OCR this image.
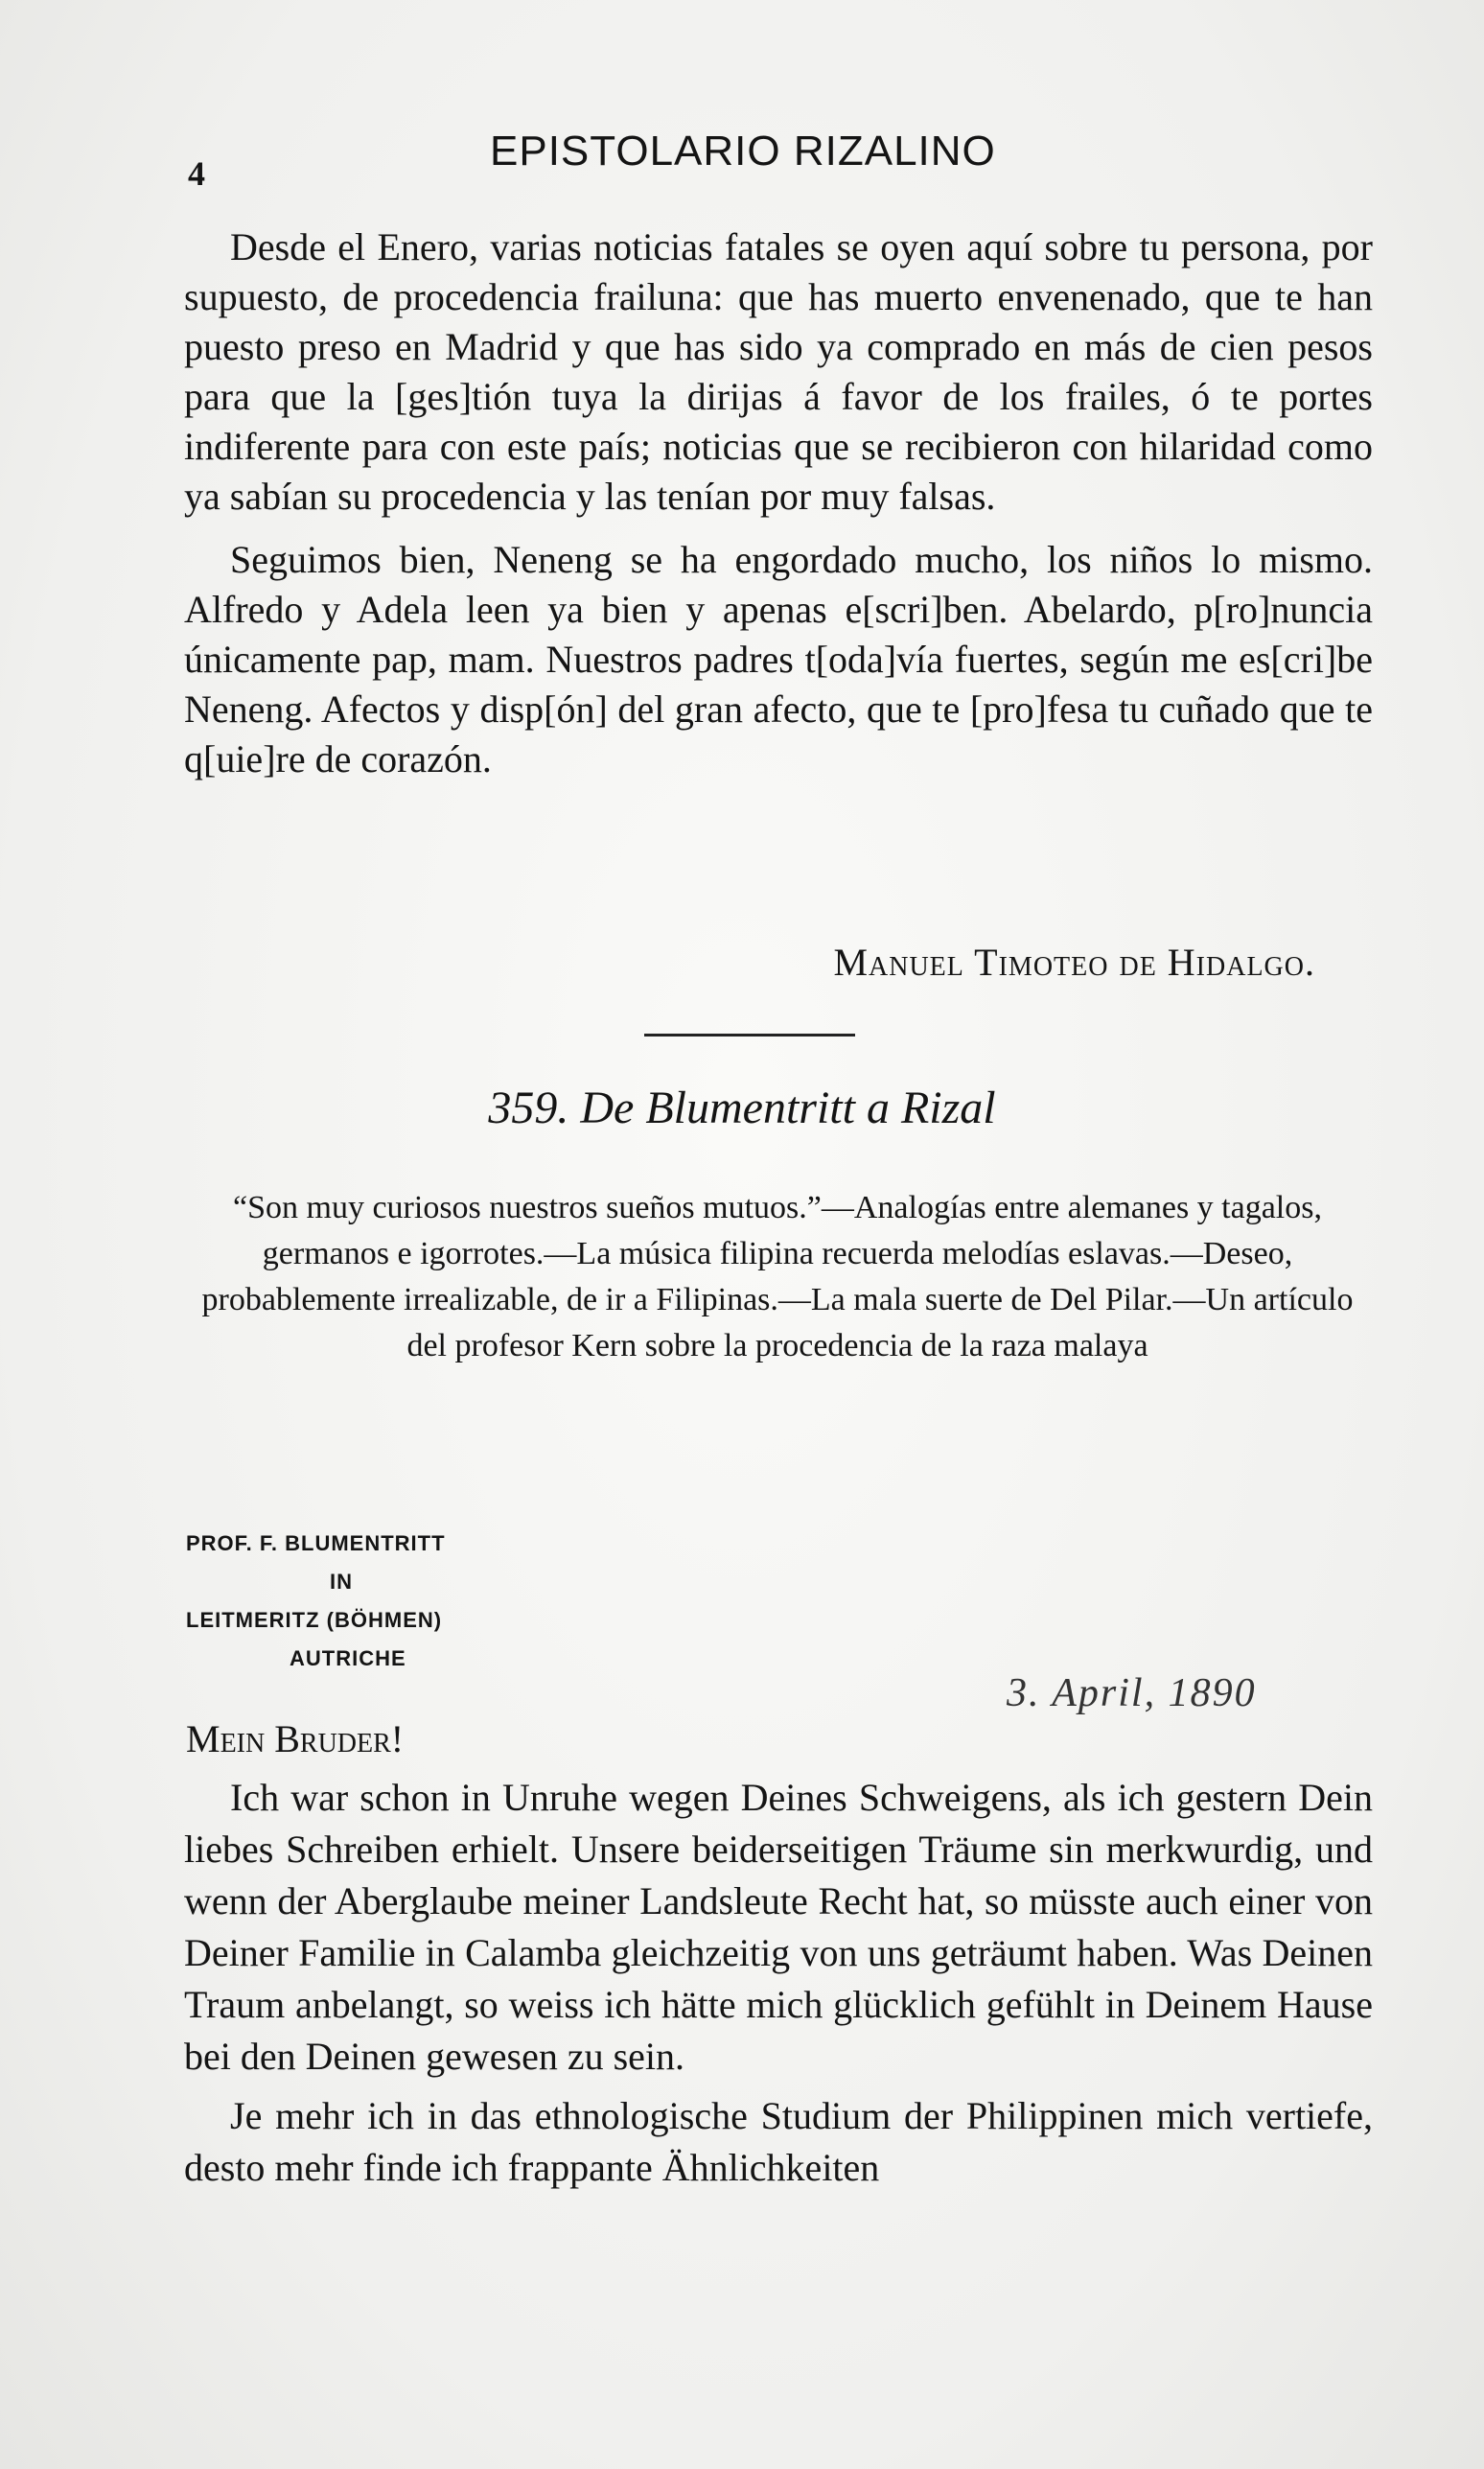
4	EPISTOLARIO RIZALINO

Desde el Enero, varias noticias fatales se oyen aquí sobre tu persona, por supuesto, de procedencia frailuna: que has muerto envenenado, que te han puesto preso en Madrid y que has sido ya comprado en más de cien pesos para que la [ges]tión tuya la dirijas á favor de los frailes, ó te portes indiferente para con este país; noticias que se recibieron con hilaridad como ya sabían su procedencia y las tenían por muy falsas.

Seguimos bien, Neneng se ha engordado mucho, los niños lo mismo. Alfredo y Adela leen ya bien y apenas e[scri]ben. Abelardo, p[ro]nuncia únicamente pap, mam. Nuestros padres t[oda]vía fuertes, según me es[cri]be Neneng. Afectos y disp[ón] del gran afecto, que te [pro]fesa tu cuñado que te q[uie]re de corazón.

Manuel Timoteo de Hidalgo.
359. De Blumentritt a Rizal
“Son muy curiosos nuestros sueños mutuos.”—Analogías entre alemanes y tagalos, germanos e igorrotes.—La música filipina recuerda melodías eslavas.—Deseo, probablemente irrealizable, de ir a Filipinas.—La mala suerte de Del Pilar.—Un artículo del profesor Kern sobre la procedencia de la raza malaya
PROF. F. BLUMENTRITT
IN
LEITMERITZ (BÖHMEN)
AUTRICHE
3. April, 1890
Mein Bruder!

Ich war schon in Unruhe wegen Deines Schweigens, als ich gestern Dein liebes Schreiben erhielt. Unsere beiderseitigen Träume sin merkwurdig, und wenn der Aberglaube meiner Landsleute Recht hat, so müsste auch einer von Deiner Familie in Calamba gleichzeitig von uns geträumt haben. Was Deinen Traum anbelangt, so weiss ich hätte mich glücklich gefühlt in Deinem Hause bei den Deinen gewesen zu sein.

Je mehr ich in das ethnologische Studium der Philippinen mich vertiefe, desto mehr finde ich frappante Ähnlichkeiten
